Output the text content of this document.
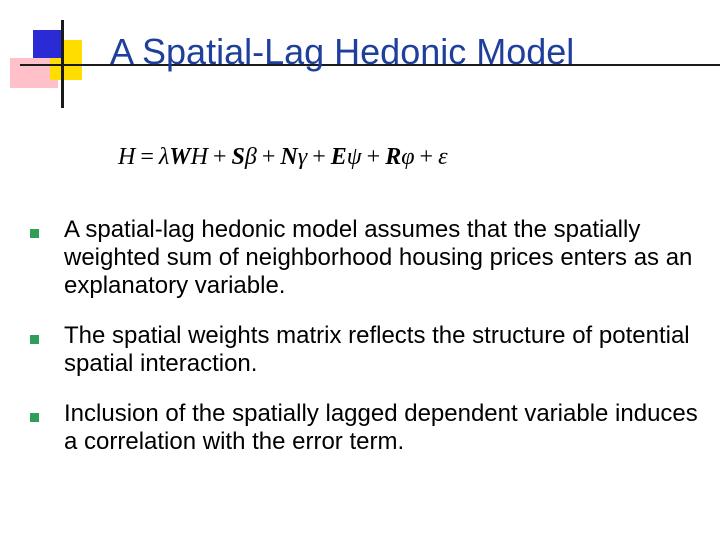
A Spatial-Lag Hedonic Model
H = λWH + Sβ + Nγ + Eψ + Rφ + ε
A spatial-lag hedonic model assumes that the spatially weighted sum of neighborhood housing prices enters as an explanatory variable.
The spatial weights matrix reflects the structure of potential spatial interaction.
Inclusion of the spatially lagged dependent variable induces a correlation with the error term.
